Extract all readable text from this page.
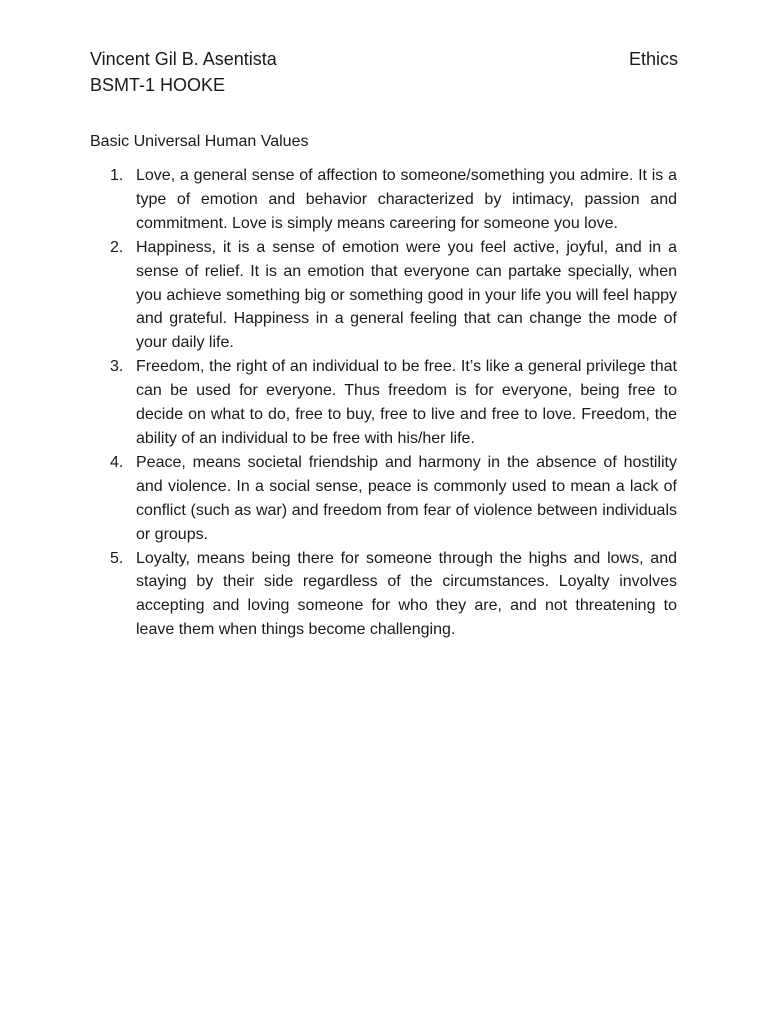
Vincent Gil B. Asentista	Ethics
BSMT-1 HOOKE
Basic Universal Human Values
1. Love, a general sense of affection to someone/something you admire. It is a type of emotion and behavior characterized by intimacy, passion and commitment. Love is simply means careering for someone you love.
2. Happiness, it is a sense of emotion were you feel active, joyful, and in a sense of relief. It is an emotion that everyone can partake specially, when you achieve something big or something good in your life you will feel happy and grateful. Happiness in a general feeling that can change the mode of your daily life.
3. Freedom, the right of an individual to be free. It’s like a general privilege that can be used for everyone. Thus freedom is for everyone, being free to decide on what to do, free to buy, free to live and free to love. Freedom, the ability of an individual to be free with his/her life.
4. Peace, means societal friendship and harmony in the absence of hostility and violence. In a social sense, peace is commonly used to mean a lack of conflict (such as war) and freedom from fear of violence between individuals or groups.
5. Loyalty, means being there for someone through the highs and lows, and staying by their side regardless of the circumstances. Loyalty involves accepting and loving someone for who they are, and not threatening to leave them when things become challenging.
